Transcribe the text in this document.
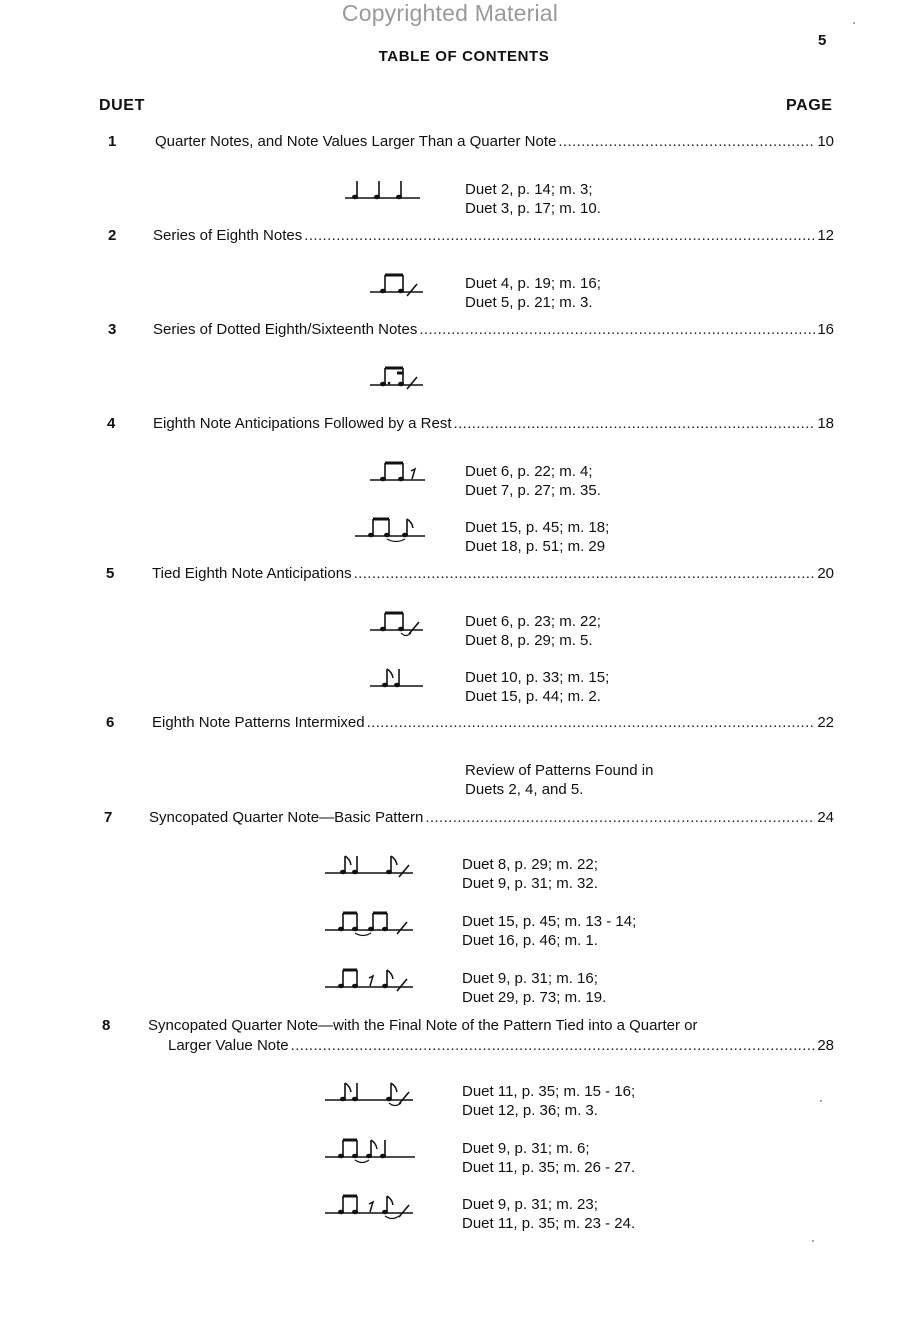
Copyrighted Material
5
TABLE OF CONTENTS
DUET	PAGE
1	Quarter Notes, and Note Values Larger Than a Quarter Note .....	10
Duet 2, p. 14; m. 3;
Duet 3, p. 17; m. 10.
2 Series of Eighth Notes .....	12
Duet 4, p. 19; m. 16;
Duet 5, p. 21; m. 3.
3 Series of Dotted Eighth/Sixteenth Notes .....	16
4	Eighth Note Anticipations Followed by a Rest .....	18
Duet 6, p. 22; m. 4;
Duet 7, p. 27; m. 35.
Duet 15, p. 45; m. 18;
Duet 18, p. 51; m. 29
5	Tied Eighth Note Anticipations .....	20
Duet 6, p. 23; m. 22;
Duet 8, p. 29; m. 5.
Duet 10, p. 33; m. 15;
Duet 15, p. 44; m. 2.
6	Eighth Note Patterns Intermixed .....	22
Review of Patterns Found in
Duets 2, 4, and 5.
7 Syncopated Quarter Note—Basic Pattern .....	24
Duet 8, p. 29; m. 22;
Duet 9, p. 31; m. 32.
Duet 15, p. 45; m. 13 - 14;
Duet 16, p. 46; m. 1.
Duet 9, p. 31; m. 16;
Duet 29, p. 73; m. 19.
8	Syncopated Quarter Note—with the Final Note of the Pattern Tied into a Quarter or
Larger Value Note .....	28
Duet 11, p. 35; m. 15 - 16;
Duet 12, p. 36; m. 3.
Duet 9, p. 31; m. 6;
Duet 11, p. 35; m. 26 - 27.
Duet 9, p. 31; m. 23;
Duet 11, p. 35; m. 23 - 24.
